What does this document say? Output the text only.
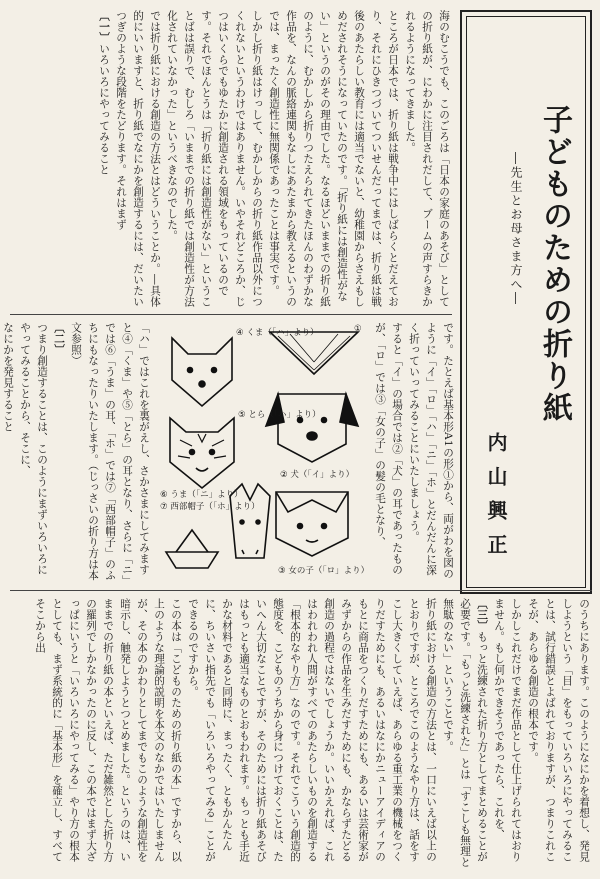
子どものための折り紙
―先生とお母さま方へ―
内山興正

海のむこうでも、このごろは「日本の家庭のあそび」としての折り紙が、にわかに注目されだして、ブームの声すらきかれるようになってきました。

ところが日本では、折り紙は戦争中にはしばらくとだえており、それにひきつづいてついせんだってまでは、折り紙は戦後のあたらしい教育には適当でないと、幼稚園からさえもしめだされそうになっていたのです。「折り紙には創造性がない」というのがその理由でした。なるほどいままでの折り紙のように、むかしから折りつたえられてきたほんのわずかな作品を、なんの脈絡連関もなしにあたまから教えるというのでは、まったく創造性に無関係であったことは事実です。

しかし折り紙はけっして、むかしからの折り紙作品以外につくれないというわけではありません。いやそれどころか、じつはいくらでもゆたかに創造される領域をもっているのです。それでほんとうは「折り紙には創造性がない」ということばは誤りで、むしろ「いままでの折り紙では創造性が方法化されていなかった」というべきなのでした。

では折り紙における創造の方法とはどういうことか。―具体的にいいますと、折り紙でなにかを創造するには、だいたいつぎのような段階をたどります。それはまず

〔一〕いろいろにやってみること

です。たとえば基本形A1の形①から、両がわを図のように「イ」「ロ」「ハ」「ニ」「ホ」とだんだんに深く折っていってみることにいたしましょう。

すると「イ」の場合では②「犬」の耳であったものが、「ロ」では③「女の子」の髪の毛となり、

「ハ」ではこれを裏がえし、さかさまにしてみますと④「くま」や⑤「とら」の耳となり、さらに「ニ」では⑥「うま」の耳、「ホ」では⑦「西部帽子」のふちにもなったりいたします。（じっさいの折り方は本文参照）

〔二〕

つまり創造することは、このようにまずいろいろにやってみることから、そこに、

なにかを発見すること	①
② 犬（「イ」より）
③ 女の子（「ロ」より）
④ くま（「ハ」より）
⑤ とら（「ハ」より）
⑥ うま（「ニ」より）
⑦ 西部帽子（「ホ」より）

のうちにあります。このようになにかを着想し、発見しようという「目」をもっていろいろにやってみることは、試行錯誤とよばれておりますが、つまりこれこそが、あらゆる創造の根本です。

しかしこれだけでまだ作品として仕上げられてはおりません。もし何かできそうであったら、これを、

〔三〕もっと洗練された折り方としてまとめることが必要です。「もっと洗練された」とは「すこしも無理と無駄のない」ということです。

折り紙における創造の方法とは、一口にいえば以上のとおりですが、ところでこのようなやり方は、話をすこし大きくしていえば、あらゆる重工業の機械をつくりだすためにも、あるいはなにかニューアイディアのもとに商品をつくりだすためにも、あるいは芸術家がみずからの作品を生みだすためにも、かならずたどる創造の過程ではないでしょうか。いいかえれば、これはわれわれ人間がすべてのあたらしいものを創造する「根本的なやり方」なのです。それでこういう創造的態度を、こどものうちから身につけておくことは、たいへん大切なことですが、そのためには折り紙あそびはもっとも適当なものとおもわれます。もっとも手近かな材料であると同時に、まったく、ともかんたんに、ちいさい指先でも「いろいろやってみる」ことができるのですから。

この本は「こどものための折り紙の本」ですから、以上のような理論的説明を本文のなかではいたしませんが、その本のかわりとしてまでもこのような創造性を暗示し、触発しようとつとめました。というのは、いままでの折り紙の本といえば、ただ雑然とした折り方の羅列でしかなかったのに反し、この本ではまず大ざっぱにいうと「いろいろにやってみる」やり方の根本としても、まず系統的に「基本形」を確立し、すべてそこから出
